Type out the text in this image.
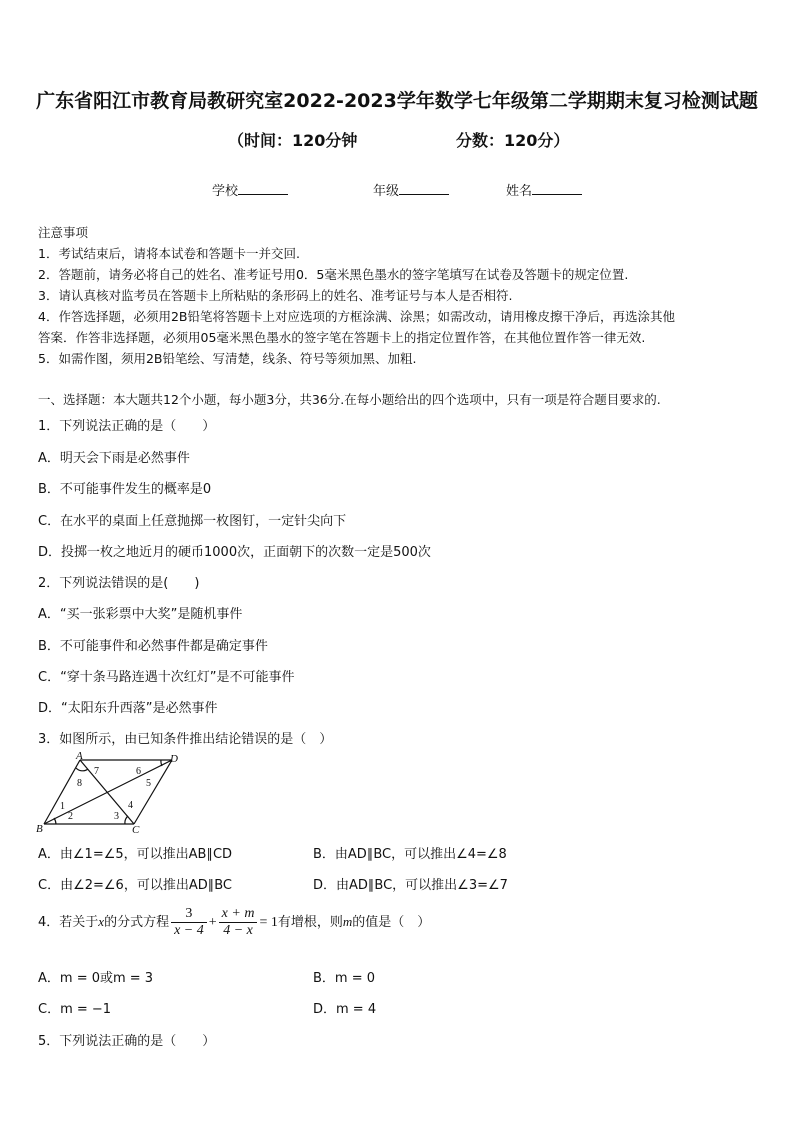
广东省阳江市教育局教研究室2022-2023学年数学七年级第二学期期末复习检测试题
（时间：120分钟	分数：120分）
学校	年级	姓名
注意事项
1．考试结束后，请将本试卷和答题卡一并交回.
2．答题前，请务必将自己的姓名、准考证号用0．5毫米黑色墨水的签字笔填写在试卷及答题卡的规定位置.
3．请认真核对监考员在答题卡上所粘贴的条形码上的姓名、准考证号与本人是否相符.
4．作答选择题，必须用2B铅笔将答题卡上对应选项的方框涂满、涂黑；如需改动，请用橡皮擦干净后，再选涂其他
答案．作答非选择题，必须用05毫米黑色墨水的签字笔在答题卡上的指定位置作答，在其他位置作答一律无效.
5．如需作图，须用2B铅笔绘、写清楚，线条、符号等须加黑、加粗.
一、选择题：本大题共12个小题，每小题3分，共36分.在每小题给出的四个选项中，只有一项是符合题目要求的.
1．下列说法正确的是（　　）
A．明天会下雨是必然事件
B．不可能事件发生的概率是0
C．在水平的桌面上任意抛掷一枚图钉，一定针尖向下
D．投掷一枚之地近月的硬币1000次，正面朝下的次数一定是500次
2．下列说法错误的是(　　)
A．“买一张彩票中大奖”是随机事件
B．不可能事件和必然事件都是确定事件
C．“穿十条马路连遇十次红灯”是不可能事件
D．“太阳东升西落”是必然事件
3．如图所示，由已知条件推出结论错误的是（　）
A	D
B	C
7
8
6
5
1
2	3
4
A．由∠1=∠5，可以推出AB∥CD	B．由AD∥BC，可以推出∠4=∠8
C．由∠2=∠6，可以推出AD∥BC	D．由AD∥BC，可以推出∠3=∠7
4．若关于x的分式方程 $\frac{3}{x - 4} + \frac{x + m}{4 - x} = 1$有增根，则m的值是（　）
A．m = 0或m = 3	B．m = 0
C．m = −1	D．m = 4
5．下列说法正确的是（　　）
